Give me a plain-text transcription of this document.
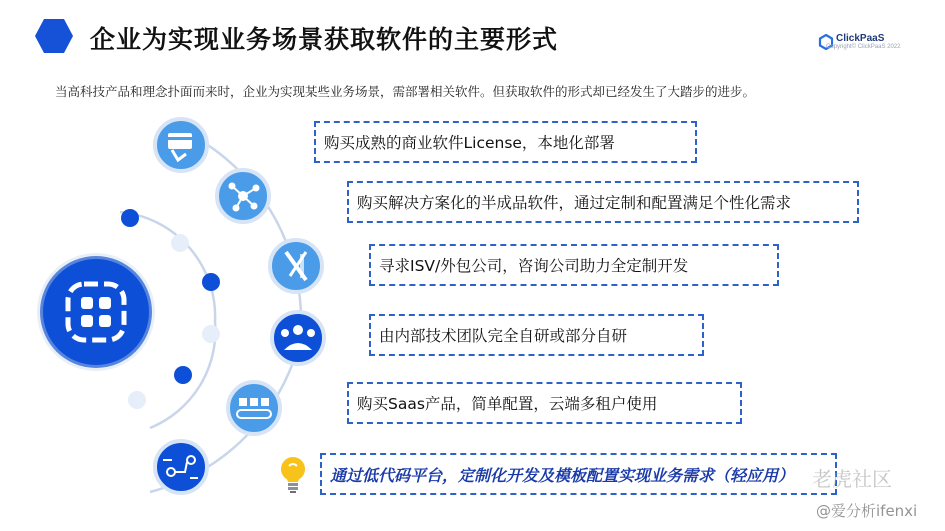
企业为实现业务场景获取软件的主要形式	ClickPaaS
Copyright© ClickPaaS 2022
当高科技产品和理念扑面而来时，企业为实现某些业务场景，需部署相关软件。但获取软件的形式却已经发生了大踏步的进步。
购买成熟的商业软件License，本地化部署
购买解决方案化的半成品软件，通过定制和配置满足个性化需求
寻求ISV/外包公司，咨询公司助力全定制开发
由内部技术团队完全自研或部分自研
购买Saas产品，简单配置，云端多租户使用
通过低代码平台，定制化开发及模板配置实现业务需求（轻应用） 老虎社区
@爱分析ifenxi
